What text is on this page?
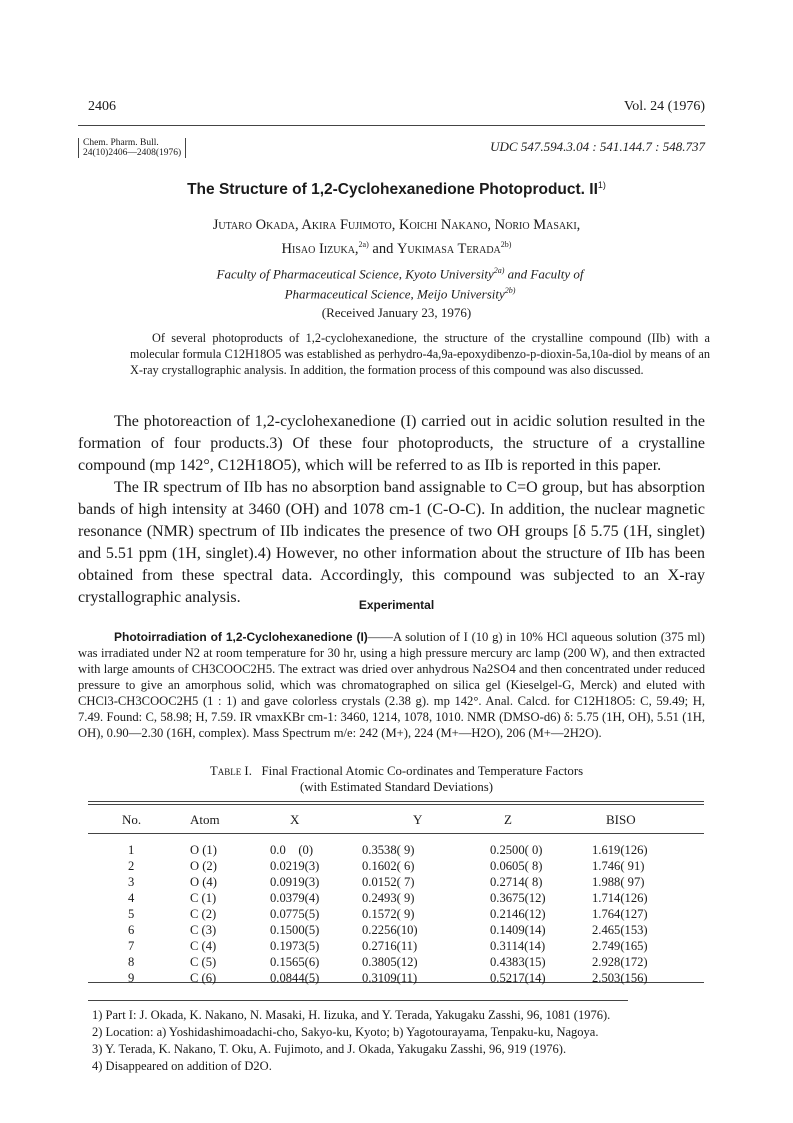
2406	Vol. 24 (1976)
Chem. Pharm. Bull.
24(10)2406—2408(1976)	UDC 547.594.3.04 : 541.144.7 : 548.737
The Structure of 1,2-Cyclohexanedione Photoproduct. II$^{1)}$
Jutaro Okada, Akira Fujimoto, Koichi Nakano, Norio Masaki,
Hisao Iizuka,$^{2a)}$ and Yukimasa Terada$^{2b)}$
Faculty of Pharmaceutical Science, Kyoto University$^{2a)}$ and Faculty of
Pharmaceutical Science, Meijo University$^{2b)}$
(Received January 23, 1976)
Of several photoproducts of 1,2-cyclohexanedione, the structure of the crystalline compound (IIb) with a molecular formula C12H18O5 was established as perhydro-4a,9a-epoxydibenzo-p-dioxin-5a,10a-diol by means of an X-ray crystallographic analysis. In addition, the formation process of this compound was also discussed.

The photoreaction of 1,2-cyclohexanedione (I) carried out in acidic solution resulted in the formation of four products.3) Of these four photoproducts, the structure of a crystalline compound (mp 142°, C12H18O5), which will be referred to as IIb is reported in this paper.

The IR spectrum of IIb has no absorption band assignable to C=O group, but has absorption bands of high intensity at 3460 (OH) and 1078 cm-1 (C-O-C). In addition, the nuclear magnetic resonance (NMR) spectrum of IIb indicates the presence of two OH groups [δ 5.75 (1H, singlet) and 5.51 ppm (1H, singlet).4) However, no other information about the structure of IIb has been obtained from these spectral data. Accordingly, this compound was subjected to an X-ray crystallographic analysis.	Experimental
Photoirradiation of 1,2-Cyclohexanedione (I)——A solution of I (10 g) in 10% HCl aqueous solution (375 ml) was irradiated under N2 at room temperature for 30 hr, using a high pressure mercury arc lamp (200 W), and then extracted with large amounts of CH3COOC2H5. The extract was dried over anhydrous Na2SO4 and then concentrated under reduced pressure to give an amorphous solid, which was chromatographed on silica gel (Kieselgel-G, Merck) and eluted with CHCl3-CH3COOC2H5 (1 : 1) and gave colorless crystals (2.38 g). mp 142°. Anal. Calcd. for C12H18O5: C, 59.49; H, 7.49. Found: C, 58.98; H, 7.59. IR νmaxKBr cm-1: 3460, 1214, 1078, 1010. NMR (DMSO-d6) δ: 5.75 (1H, OH), 5.51 (1H, OH), 0.90—2.30 (16H, complex). Mass Spectrum m/e: 242 (M+), 224 (M+—H2O), 206 (M+—2H2O).
Table I. Final Fractional Atomic Co-ordinates and Temperature Factors
(with Estimated Standard Deviations)
No.	Atom	X	Y	Z	BISO
1	O (1)	0.0    (0)	0.3538( 9)	0.2500( 0)	1.619(126)
2	O (2)	0.0219(3)	0.1602( 6)	0.0605( 8)	1.746( 91)
3	O (4)	0.0919(3)	0.0152( 7)	0.2714( 8)	1.988( 97)
4	C (1)	0.0379(4)	0.2493( 9)	0.3675(12)	1.714(126)
5	C (2)	0.0775(5)	0.1572( 9)	0.2146(12)	1.764(127)
6	C (3)	0.1500(5)	0.2256(10)	0.1409(14)	2.465(153)
7	C (4)	0.1973(5)	0.2716(11)	0.3114(14)	2.749(165)
8	C (5)	0.1565(6)	0.3805(12)	0.4383(15)	2.928(172)
9	C (6)	0.0844(5)	0.3109(11)	0.5217(14)	2.503(156)
1) Part I: J. Okada, K. Nakano, N. Masaki, H. Iizuka, and Y. Terada, Yakugaku Zasshi, 96, 1081 (1976).
2) Location: a) Yoshidashimoadachi-cho, Sakyo-ku, Kyoto; b) Yagotourayama, Tenpaku-ku, Nagoya.
3) Y. Terada, K. Nakano, T. Oku, A. Fujimoto, and J. Okada, Yakugaku Zasshi, 96, 919 (1976).
4) Disappeared on addition of D2O.
